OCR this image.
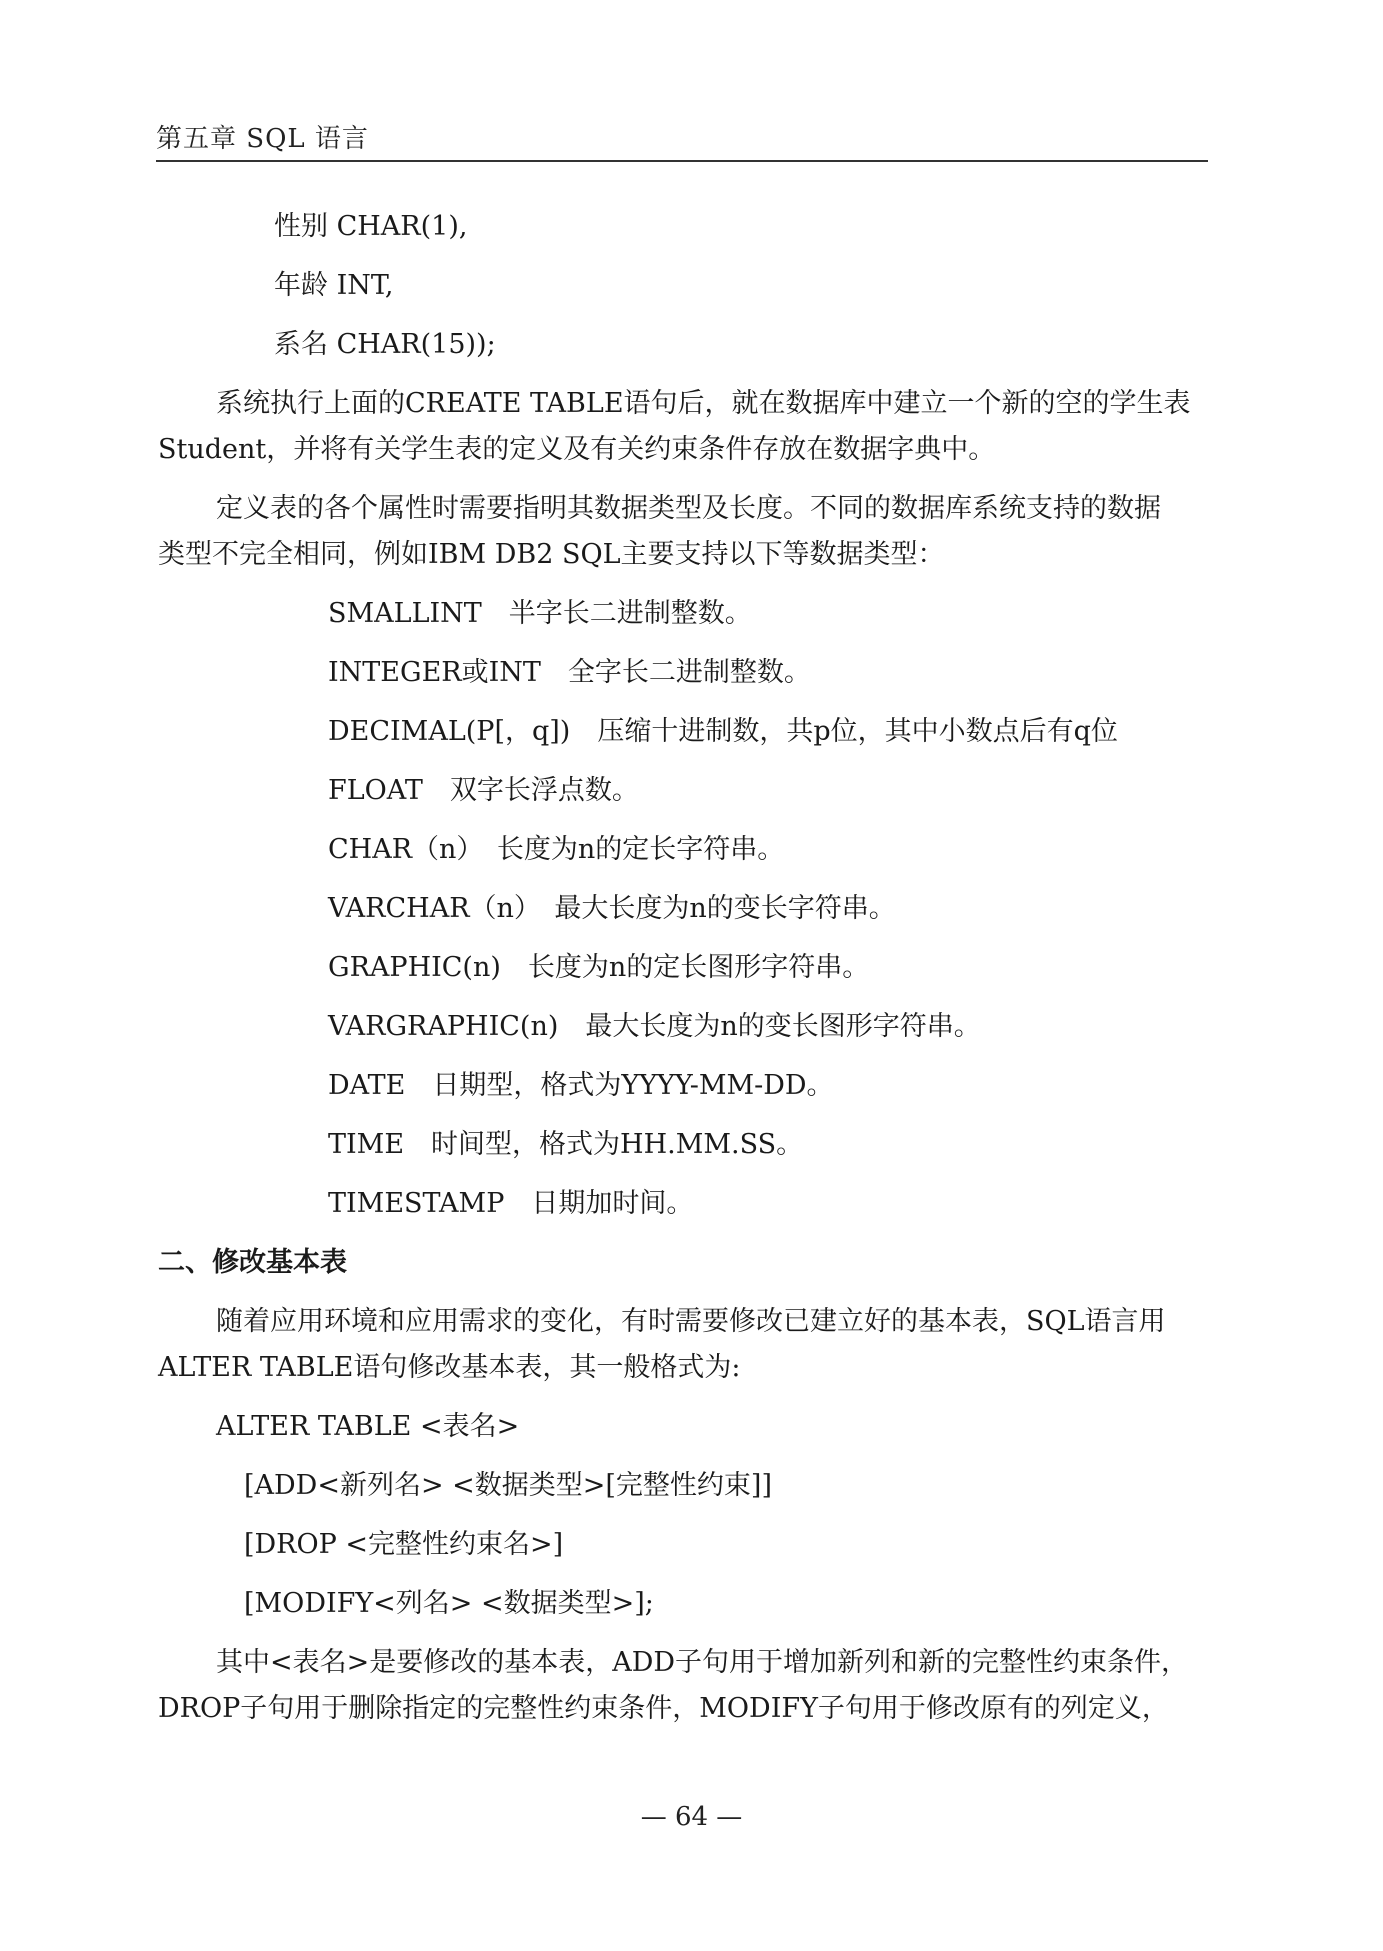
第五章 SQL 语言
性别 CHAR(1),
年龄 INT,
系名 CHAR(15));
系统执行上面的CREATE TABLE语句后，就在数据库中建立一个新的空的学生表
Student，并将有关学生表的定义及有关约束条件存放在数据字典中。
定义表的各个属性时需要指明其数据类型及长度。不同的数据库系统支持的数据
类型不完全相同，例如IBM DB2 SQL主要支持以下等数据类型：
SMALLINT　半字长二进制整数。
INTEGER或INT　全字长二进制整数。
DECIMAL(P[，q])　压缩十进制数，共p位，其中小数点后有q位
FLOAT　双字长浮点数。
CHAR（n）　长度为n的定长字符串。
VARCHAR（n）　最大长度为n的变长字符串。
GRAPHIC(n)　长度为n的定长图形字符串。
VARGRAPHIC(n)　最大长度为n的变长图形字符串。
DATE　日期型，格式为YYYY-MM-DD。
TIME　时间型，格式为HH.MM.SS。
TIMESTAMP　日期加时间。
二、修改基本表
随着应用环境和应用需求的变化，有时需要修改已建立好的基本表，SQL语言用
ALTER TABLE语句修改基本表，其一般格式为:
ALTER TABLE <表名>
[ADD<新列名> <数据类型>[完整性约束]]
[DROP <完整性约束名>]
[MODIFY<列名> <数据类型>];
其中<表名>是要修改的基本表，ADD子句用于增加新列和新的完整性约束条件，
DROP子句用于删除指定的完整性约束条件，MODIFY子句用于修改原有的列定义，
— 64 —
